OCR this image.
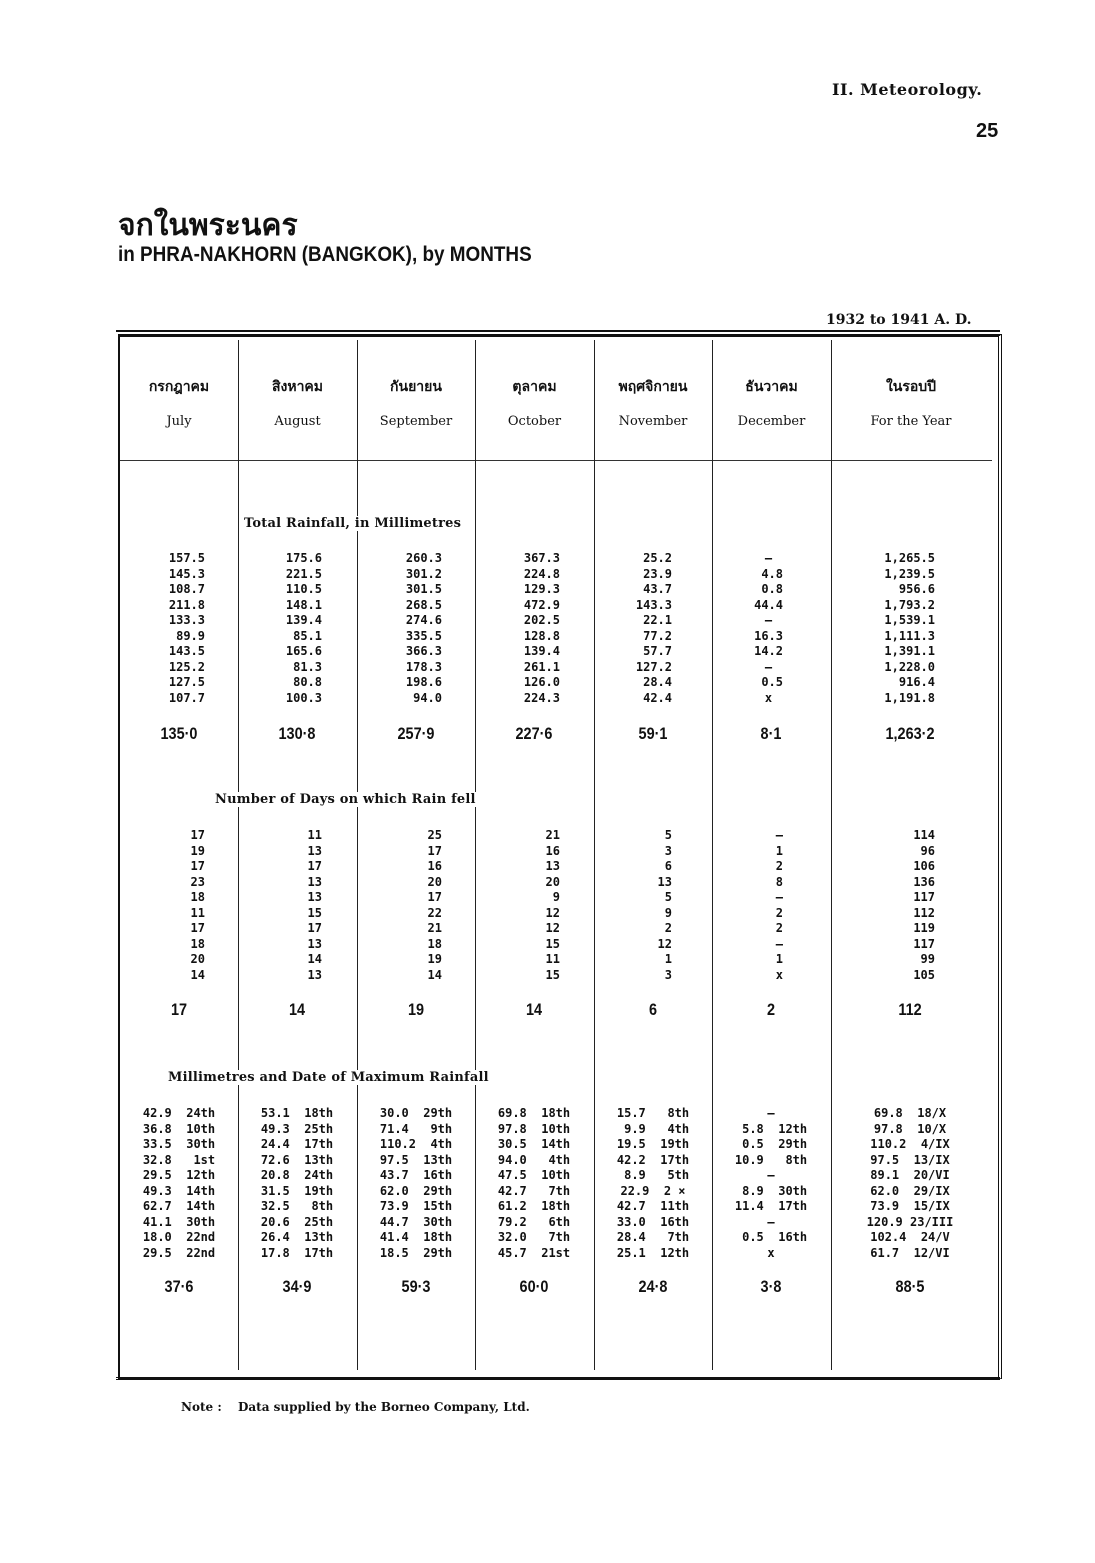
II. Meteorology.
25
จกในพระนคร
in PHRA-NAKHORN (BANGKOK), by MONTHS
1932 to 1941 A. D.
กรกฎาคม
July
สิงหาคม
August
กันยายน
September
ตุลาคม
October
พฤศจิกายน
November
ธันวาคม
December
ในรอบปี
For the Year
Total Rainfall, in Millimetres
Number of Days on which Rain fell
Millimetres and Date of Maximum Rainfall
157.5
145.3
108.7
211.8
133.3
89.9
143.5
125.2
127.5
107.7
135·0
175.6
221.5
110.5
148.1
139.4
85.1
165.6
81.3
80.8
100.3
130·8
260.3
301.2
301.5
268.5
274.6
335.5
366.3
178.3
198.6
94.0
257·9
367.3
224.8
129.3
472.9
202.5
128.8
139.4
261.1
126.0
224.3
227·6
25.2
23.9
43.7
143.3
22.1
77.2
57.7
127.2
28.4
42.4
59·1
—
4.8
0.8
44.4
—
16.3
14.2
—
0.5
x
8·1
1,265.5
1,239.5
956.6
1,793.2
1,539.1
1,111.3
1,391.1
1,228.0
916.4
1,191.8
1,263·2
17
19
17
23
18
11
17
18
20
14
17
11
13
17
13
13
15
17
13
14
13
14
25
17
16
20
17
22
21
18
19
14
19
21
16
13
20
9
12
12
15
11
15
14
5
3
6
13
5
9
2
12
1
3
6
—
1
2
8
—
2
2
—
1
x
2
114
96
106
136
117
112
119
117
99
105
112
42.9  24th
36.8  10th
33.5  30th
32.8   1st
29.5  12th
49.3  14th
62.7  14th
41.1  30th
18.0  22nd
29.5  22nd
37·6
53.1  18th
49.3  25th
24.4  17th
72.6  13th
20.8  24th
31.5  19th
32.5   8th
20.6  25th
26.4  13th
17.8  17th
34·9
30.0  29th
71.4   9th
110.2  4th
97.5  13th
43.7  16th
62.0  29th
73.9  15th
44.7  30th
41.4  18th
18.5  29th
59·3
69.8  18th
97.8  10th
30.5  14th
94.0   4th
47.5  10th
42.7   7th
61.2  18th
79.2   6th
32.0   7th
45.7  21st
60·0
15.7   8th
9.9   4th
19.5  19th
42.2  17th
8.9   5th
22.9  2 ×
42.7  11th
33.0  16th
28.4   7th
25.1  12th
24·8
—
5.8  12th
0.5  29th
10.9   8th
—
8.9  30th
11.4  17th
—
0.5  16th
x
3·8
69.8  18/X
97.8  10/X
110.2  4/IX
97.5  13/IX
89.1  20/VI
62.0  29/IX
73.9  15/IX
120.9 23/III
102.4  24/V
61.7  12/VI
88·5
Note : Data supplied by the Borneo Company, Ltd.
